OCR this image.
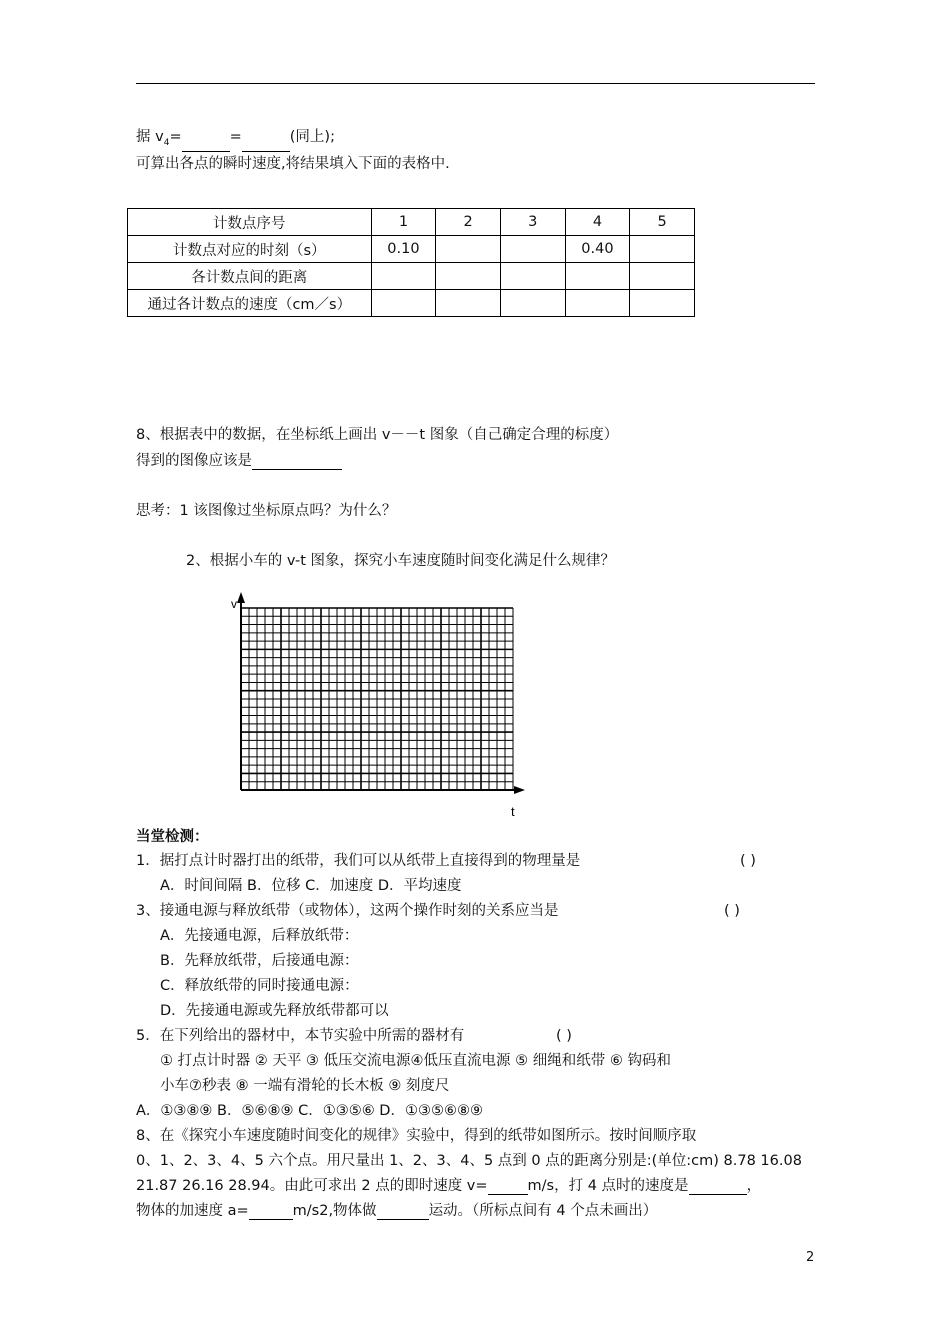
据 $v_4=$	=	(同上);
可算出各点的瞬时速度,将结果填入下面的表格中.
计数点序号	1	2	3	4	5
计数点对应的时刻（s）	0.10			0.40	
各计数点间的距离					
通过各计数点的速度（cm／s）					
8、根据表中的数据，在坐标纸上画出 v－－t 图象（自己确定合理的标度）
得到的图像应该是
思考：1 该图像过坐标原点吗？为什么？
2、根据小车的 v-t 图象，探究小车速度随时间变化满足什么规律？
v
t
当堂检测：
1．据打点计时器打出的纸带，我们可以从纸带上直接得到的物理量是	( )
A．时间间隔 B．位移 C．加速度 D．平均速度
3、接通电源与释放纸带（或物体），这两个操作时刻的关系应当是	( )
A．先接通电源，后释放纸带：
B．先释放纸带，后接通电源：
C．释放纸带的同时接通电源：
D．先接通电源或先释放纸带都可以
5．在下列给出的器材中，本节实验中所需的器材有	( )
① 打点计时器 ② 天平 ③ 低压交流电源④低压直流电源 ⑤ 细绳和纸带 ⑥ 钩码和
小车⑦秒表 ⑧ 一端有滑轮的长木板 ⑨ 刻度尺
A．①③⑧⑨ B．⑤⑥⑧⑨ C．①③⑤⑥ D．①③⑤⑥⑧⑨
8、在《探究小车速度随时间变化的规律》实验中，得到的纸带如图所示。按时间顺序取
0、1、2、3、4、5 六个点。用尺量出 1、2、3、4、5 点到 0 点的距离分别是:(单位:cm) 8.78 16.08
21.87 26.16 28.94。由此可求出 2 点的即时速度 v=	m/s，打 4 点时的速度是	，
物体的加速度 a=	m/s2,物体做	运动。（所标点间有 4 个点未画出）
2
